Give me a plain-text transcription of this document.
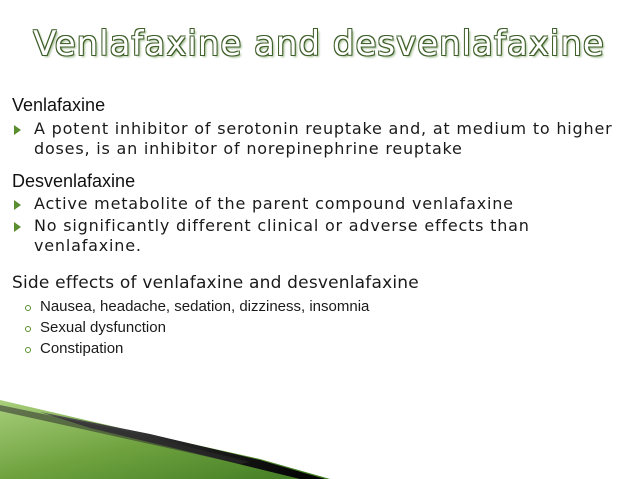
Venlafaxine and desvenlafaxine
Venlafaxine
A potent inhibitor of serotonin reuptake and, at medium to higher doses, is an inhibitor of norepinephrine reuptake
Desvenlafaxine
Active metabolite of the parent compound venlafaxine
No significantly different clinical or adverse effects than venlafaxine.
Side effects of venlafaxine and desvenlafaxine
Nausea, headache, sedation, dizziness, insomnia
Sexual dysfunction
Constipation
